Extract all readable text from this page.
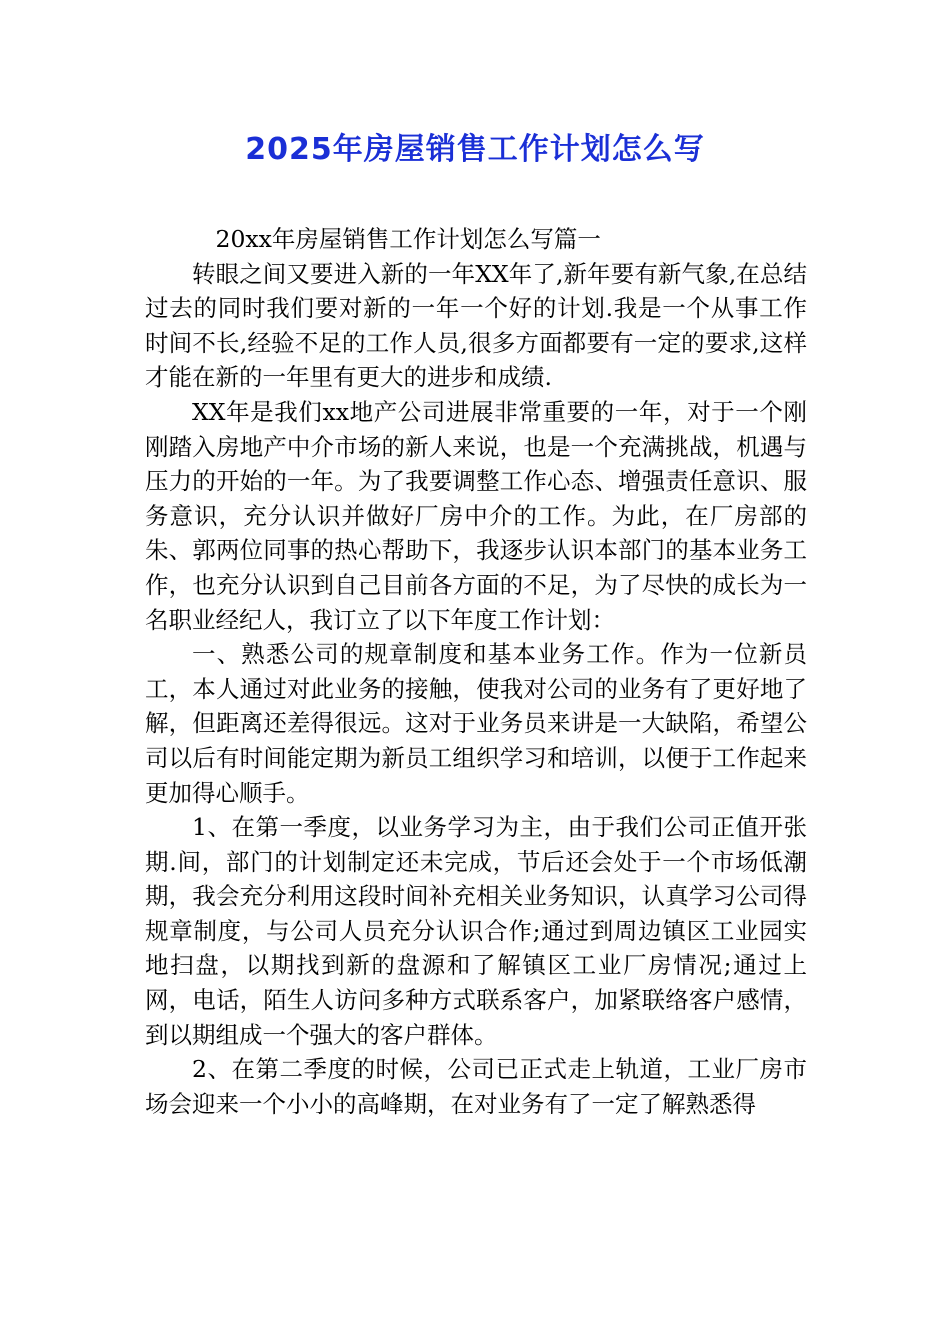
2025年房屋销售工作计划怎么写

20xx年房屋销售工作计划怎么写篇一

转眼之间又要进入新的一年XX年了,新年要有新气象,在总结过去的同时我们要对新的一年一个好的计划.我是一个从事工作时间不长,经验不足的工作人员,很多方面都要有一定的要求,这样才能在新的一年里有更大的进步和成绩.

XX年是我们xx地产公司进展非常重要的一年，对于一个刚刚踏入房地产中介市场的新人来说，也是一个充满挑战，机遇与压力的开始的一年。为了我要调整工作心态、增强责任意识、服务意识，充分认识并做好厂房中介的工作。为此，在厂房部的朱、郭两位同事的热心帮助下，我逐步认识本部门的基本业务工作，也充分认识到自己目前各方面的不足，为了尽快的成长为一名职业经纪人，我订立了以下年度工作计划：

一、熟悉公司的规章制度和基本业务工作。作为一位新员工，本人通过对此业务的接触，使我对公司的业务有了更好地了解，但距离还差得很远。这对于业务员来讲是一大缺陷，希望公司以后有时间能定期为新员工组织学习和培训，以便于工作起来更加得心顺手。

1、在第一季度，以业务学习为主，由于我们公司正值开张期.间，部门的计划制定还未完成，节后还会处于一个市场低潮期，我会充分利用这段时间补充相关业务知识，认真学习公司得规章制度，与公司人员充分认识合作;通过到周边镇区工业园实地扫盘，以期找到新的盘源和了解镇区工业厂房情况;通过上网，电话，陌生人访问多种方式联系客户，加紧联络客户感情，到以期组成一个强大的客户群体。

2、在第二季度的时候，公司已正式走上轨道，工业厂房市场会迎来一个小小的高峰期，在对业务有了一定了解熟悉得
